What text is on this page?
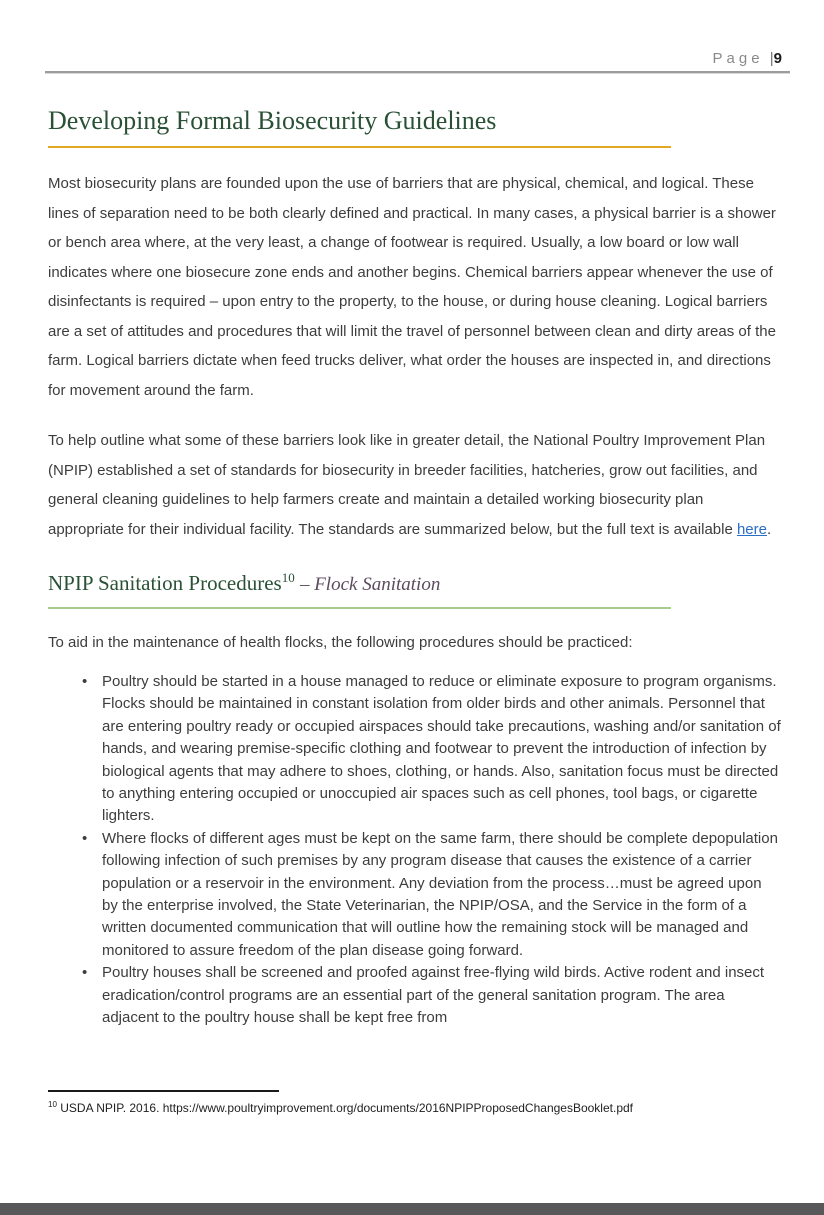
Page |9
Developing Formal Biosecurity Guidelines

Most biosecurity plans are founded upon the use of barriers that are physical, chemical, and logical. These lines of separation need to be both clearly defined and practical. In many cases, a physical barrier is a shower or bench area where, at the very least, a change of footwear is required. Usually, a low board or low wall indicates where one biosecure zone ends and another begins. Chemical barriers appear whenever the use of disinfectants is required – upon entry to the property, to the house, or during house cleaning. Logical barriers are a set of attitudes and procedures that will limit the travel of personnel between clean and dirty areas of the farm. Logical barriers dictate when feed trucks deliver, what order the houses are inspected in, and directions for movement around the farm.

To help outline what some of these barriers look like in greater detail, the National Poultry Improvement Plan (NPIP) established a set of standards for biosecurity in breeder facilities, hatcheries, grow out facilities, and general cleaning guidelines to help farmers create and maintain a detailed working biosecurity plan appropriate for their individual facility. The standards are summarized below, but the full text is available here.

NPIP Sanitation Procedures$^{10}$ – Flock Sanitation

To aid in the maintenance of health flocks, the following procedures should be practiced:

• Poultry should be started in a house managed to reduce or eliminate exposure to program organisms. Flocks should be maintained in constant isolation from older birds and other animals. Personnel that are entering poultry ready or occupied airspaces should take precautions, washing and/or sanitation of hands, and wearing premise-specific clothing and footwear to prevent the introduction of infection by biological agents that may adhere to shoes, clothing, or hands. Also, sanitation focus must be directed to anything entering occupied or unoccupied air spaces such as cell phones, tool bags, or cigarette lighters.
• Where flocks of different ages must be kept on the same farm, there should be complete depopulation following infection of such premises by any program disease that causes the existence of a carrier population or a reservoir in the environment. Any deviation from the process…must be agreed upon by the enterprise involved, the State Veterinarian, the NPIP/OSA, and the Service in the form of a written documented communication that will outline how the remaining stock will be managed and monitored to assure freedom of the plan disease going forward.
• Poultry houses shall be screened and proofed against free-flying wild birds. Active rodent and insect eradication/control programs are an essential part of the general sanitation program. The area adjacent to the poultry house shall be kept free from
$^{10}$ USDA NPIP. 2016. https://www.poultryimprovement.org/documents/2016NPIPProposedChangesBooklet.pdf
